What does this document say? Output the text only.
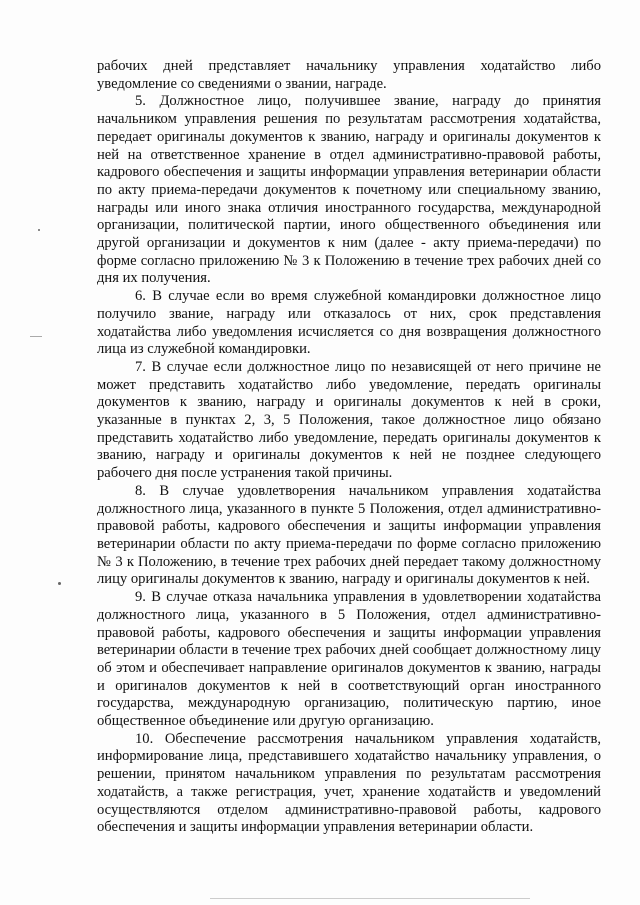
рабочих дней представляет начальнику управления ходатайство либо уведомление со сведениями о звании, награде.

5. Должностное лицо, получившее звание, награду до принятия начальником управления решения по результатам рассмотрения ходатайства, передает оригиналы документов к званию, награду и оригиналы документов к ней на ответственное хранение в отдел административно-правовой работы, кадрового обеспечения и защиты информации управления ветеринарии области по акту приема-передачи документов к почетному или специальному званию, награды или иного знака отличия иностранного государства, международной организации, политической партии, иного общественного объединения или другой организации и документов к ним (далее - акту приема-передачи) по форме согласно приложению № 3 к Положению в течение трех рабочих дней со дня их получения.

6. В случае если во время служебной командировки должностное лицо получило звание, награду или отказалось от них, срок представления ходатайства либо уведомления исчисляется со дня возвращения должностного лица из служебной командировки.

7. В случае если должностное лицо по независящей от него причине не может представить ходатайство либо уведомление, передать оригиналы документов к званию, награду и оригиналы документов к ней в сроки, указанные в пунктах 2, 3, 5 Положения, такое должностное лицо обязано представить ходатайство либо уведомление, передать оригиналы документов к званию, награду и оригиналы документов к ней не позднее следующего рабочего дня после устранения такой причины.

8. В случае удовлетворения начальником управления ходатайства должностного лица, указанного в пункте 5 Положения, отдел административно-правовой работы, кадрового обеспечения и защиты информации управления ветеринарии области по акту приема-передачи по форме согласно приложению № 3 к Положению, в течение трех рабочих дней передает такому должностному лицу оригиналы документов к званию, награду и оригиналы документов к ней.

9. В случае отказа начальника управления в удовлетворении ходатайства должностного лица, указанного в 5 Положения, отдел административно-правовой работы, кадрового обеспечения и защиты информации управления ветеринарии области в течение трех рабочих дней сообщает должностному лицу об этом и обеспечивает направление оригиналов документов к званию, награды и оригиналов документов к ней в соответствующий орган иностранного государства, международную организацию, политическую партию, иное общественное объединение или другую организацию.

10. Обеспечение рассмотрения начальником управления ходатайств, информирование лица, представившего ходатайство начальнику управления, о решении, принятом начальником управления по результатам рассмотрения ходатайств, а также регистрация, учет, хранение ходатайств и уведомлений осуществляются отделом административно-правовой работы, кадрового обеспечения и защиты информации управления ветеринарии области.
